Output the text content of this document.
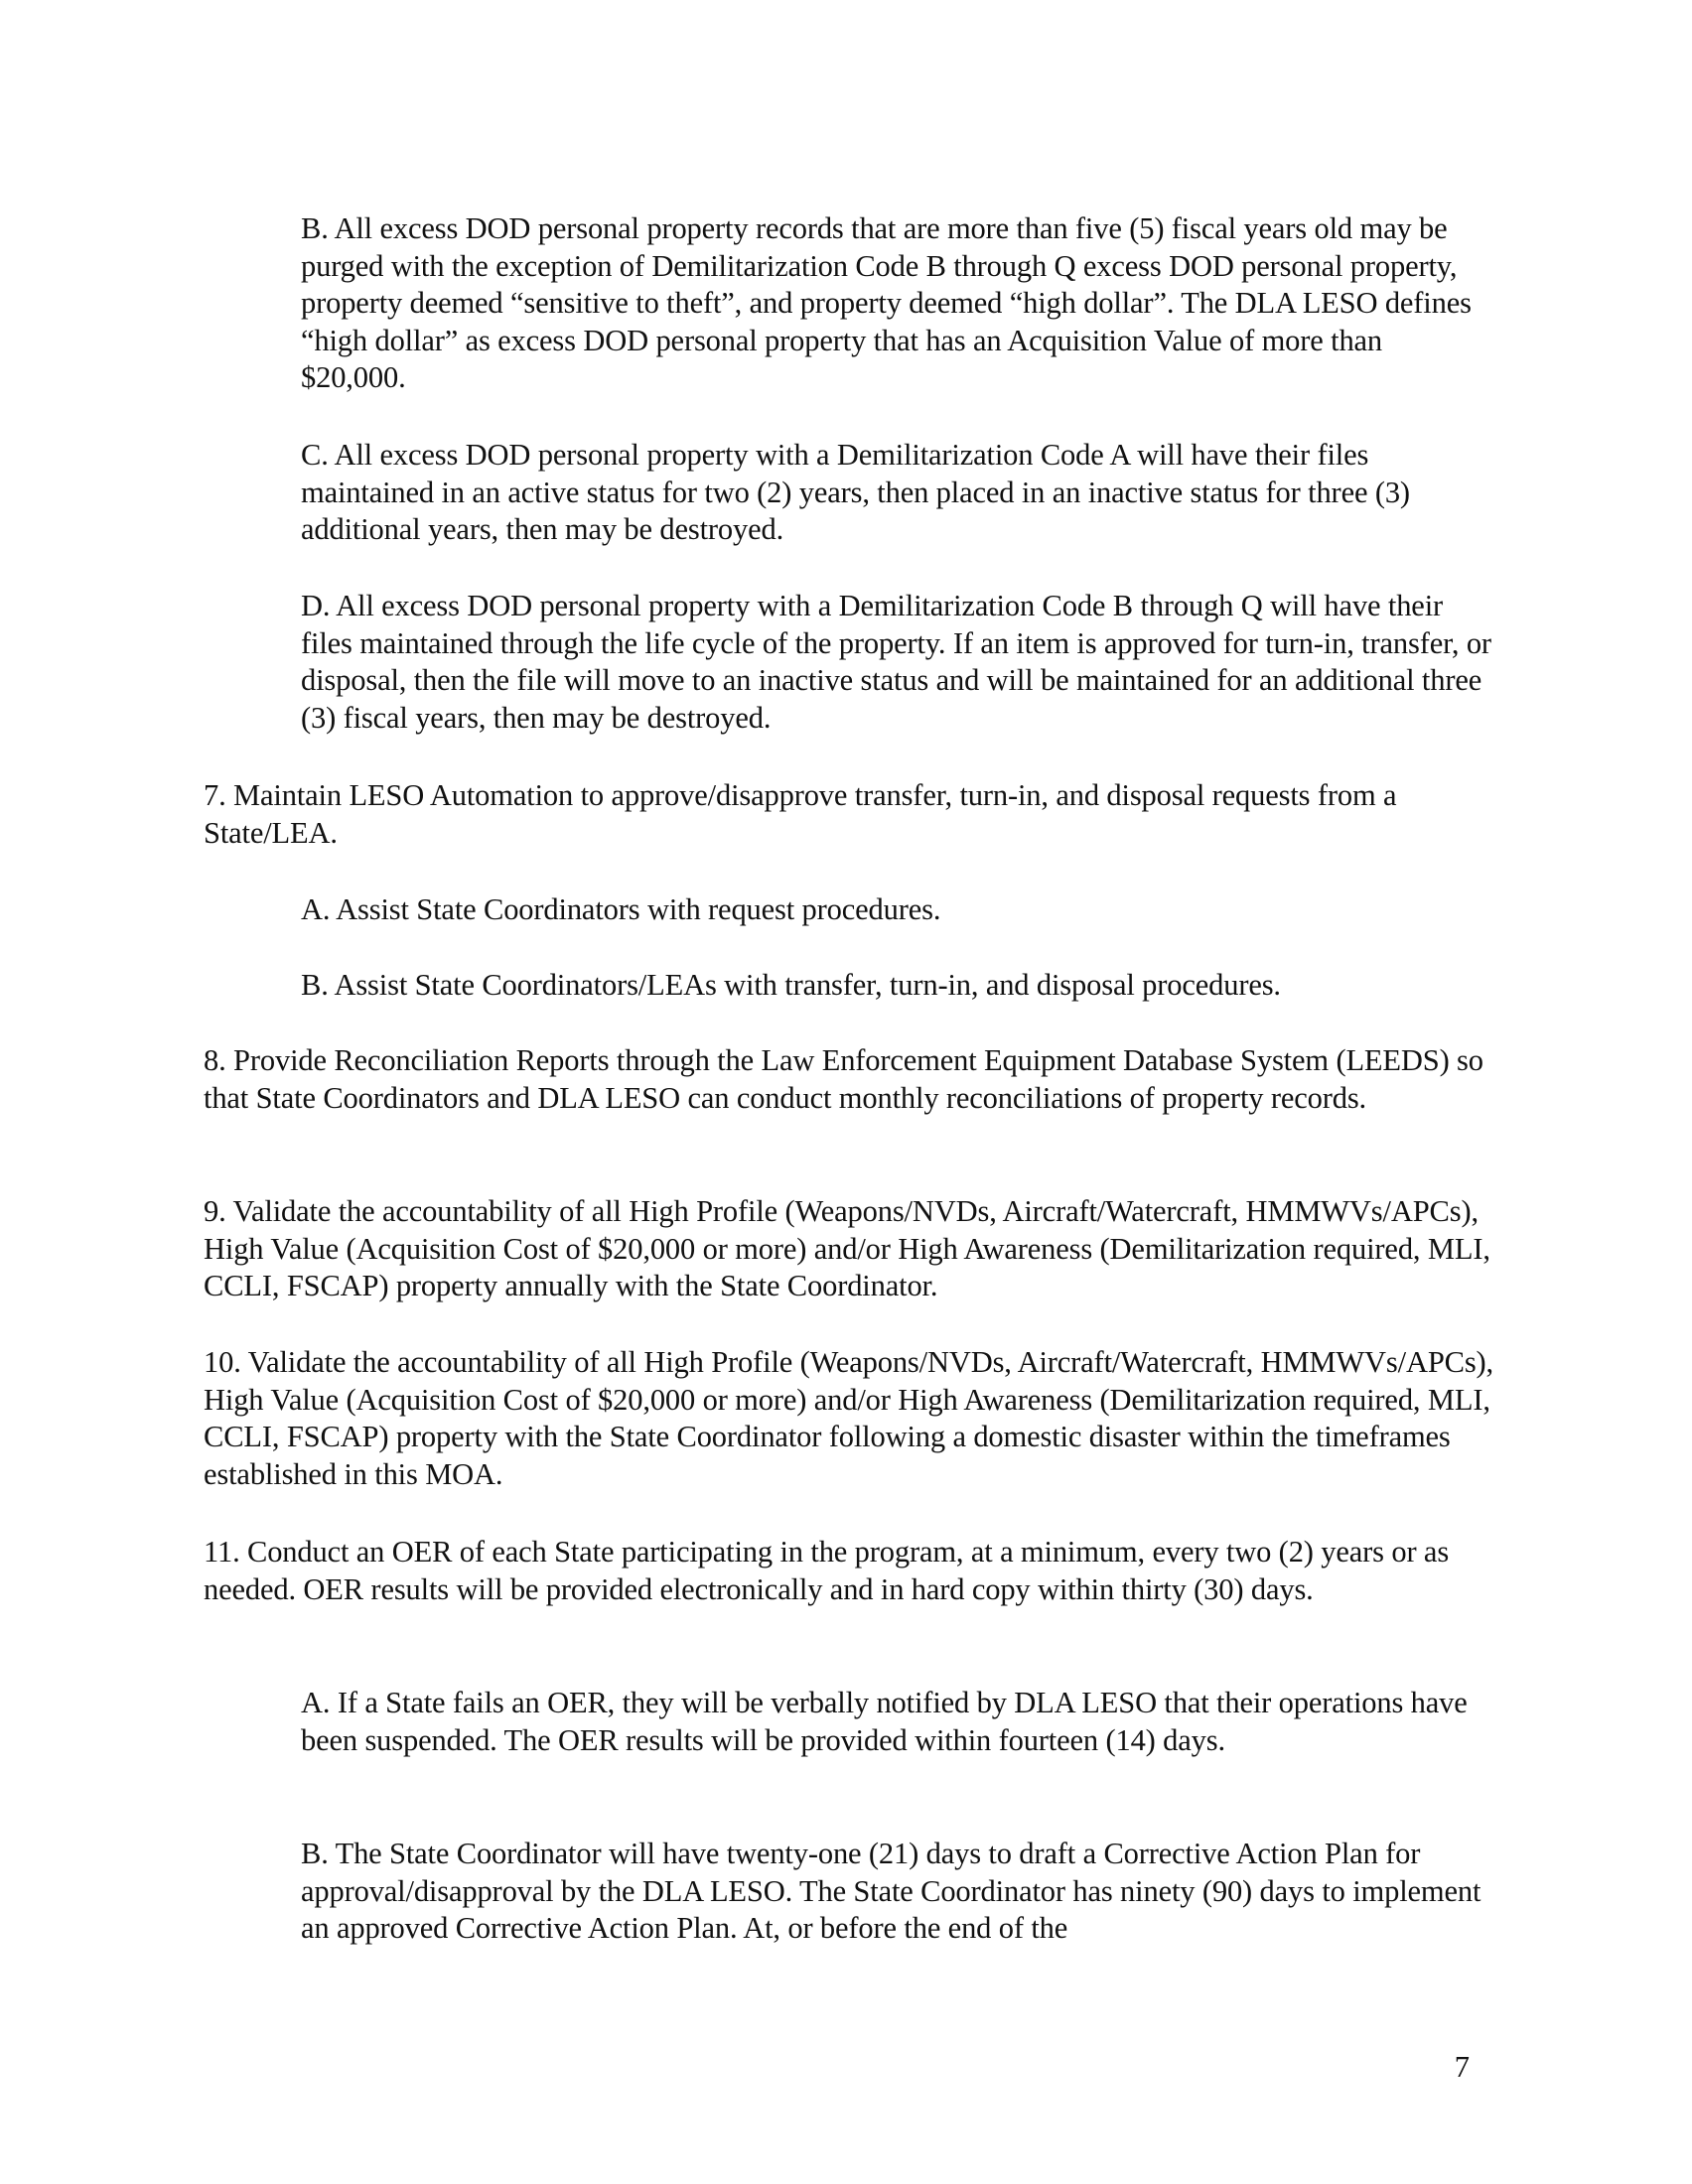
B. All excess DOD personal property records that are more than five (5) fiscal years old may be purged with the exception of Demilitarization Code B through Q excess DOD personal property, property deemed “sensitive to theft”, and property deemed “high dollar”. The DLA LESO defines “high dollar” as excess DOD personal property that has an Acquisition Value of more than $20,000.

C. All excess DOD personal property with a Demilitarization Code A will have their files maintained in an active status for two (2) years, then placed in an inactive status for three (3) additional years, then may be destroyed.

D. All excess DOD personal property with a Demilitarization Code B through Q will have their files maintained through the life cycle of the property. If an item is approved for turn-in, transfer, or disposal, then the file will move to an inactive status and will be maintained for an additional three (3) fiscal years, then may be destroyed.

7. Maintain LESO Automation to approve/disapprove transfer, turn-in, and disposal requests from a State/LEA.

A. Assist State Coordinators with request procedures.

B. Assist State Coordinators/LEAs with transfer, turn-in, and disposal procedures.

8. Provide Reconciliation Reports through the Law Enforcement Equipment Database System (LEEDS) so that State Coordinators and DLA LESO can conduct monthly reconciliations of property records.

9. Validate the accountability of all High Profile (Weapons/NVDs, Aircraft/Watercraft, HMMWVs/APCs), High Value (Acquisition Cost of $20,000 or more) and/or High Awareness (Demilitarization required, MLI, CCLI, FSCAP) property annually with the State Coordinator.

10. Validate the accountability of all High Profile (Weapons/NVDs, Aircraft/Watercraft, HMMWVs/APCs), High Value (Acquisition Cost of $20,000 or more) and/or High Awareness (Demilitarization required, MLI, CCLI, FSCAP) property with the State Coordinator following a domestic disaster within the timeframes established in this MOA.

11. Conduct an OER of each State participating in the program, at a minimum, every two (2) years or as needed. OER results will be provided electronically and in hard copy within thirty (30) days.

A. If a State fails an OER, they will be verbally notified by DLA LESO that their operations have been suspended. The OER results will be provided within fourteen (14) days.

B. The State Coordinator will have twenty-one (21) days to draft a Corrective Action Plan for approval/disapproval by the DLA LESO. The State Coordinator has ninety (90) days to implement an approved Corrective Action Plan. At, or before the end of the

7
